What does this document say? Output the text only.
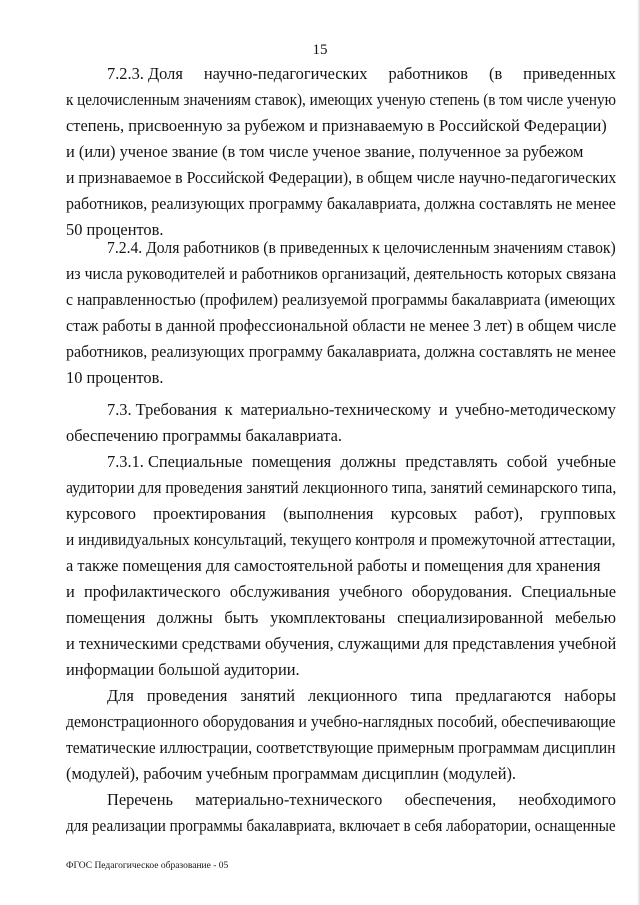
15
7.2.3. Доля научно-педагогических работников (в приведенных
к целочисленным значениям ставок), имеющих ученую степень (в том числе ученую
степень, присвоенную за рубежом и признаваемую в Российской Федерации)
и (или) ученое звание (в том числе ученое звание, полученное за рубежом
и признаваемое в Российской Федерации), в общем числе научно-педагогических
работников, реализующих программу бакалавриата, должна составлять не менее
50 процентов.
7.2.4. Доля работников (в приведенных к целочисленным значениям ставок)
из числа руководителей и работников организаций, деятельность которых связана
с направленностью (профилем) реализуемой программы бакалавриата (имеющих
стаж работы в данной профессиональной области не менее 3 лет) в общем числе
работников, реализующих программу бакалавриата, должна составлять не менее
10 процентов.
7.3. Требования к материально-техническому и учебно-методическому
обеспечению программы бакалавриата.
7.3.1. Специальные помещения должны представлять собой учебные
аудитории для проведения занятий лекционного типа, занятий семинарского типа,
курсового проектирования (выполнения курсовых работ), групповых
и индивидуальных консультаций, текущего контроля и промежуточной аттестации,
а также помещения для самостоятельной работы и помещения для хранения
и профилактического обслуживания учебного оборудования. Специальные
помещения должны быть укомплектованы специализированной мебелью
и техническими средствами обучения, служащими для представления учебной
информации большой аудитории.
Для проведения занятий лекционного типа предлагаются наборы
демонстрационного оборудования и учебно-наглядных пособий, обеспечивающие
тематические иллюстрации, соответствующие примерным программам дисциплин
(модулей), рабочим учебным программам дисциплин (модулей).
Перечень материально-технического обеспечения, необходимого
для реализации программы бакалавриата, включает в себя лаборатории, оснащенные
ФГОС Педагогическое образование - 05
